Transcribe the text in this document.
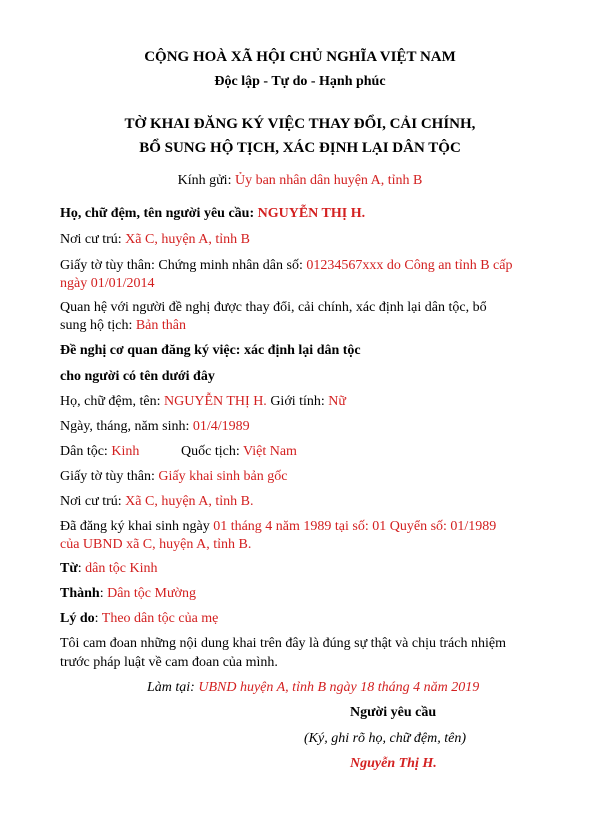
CỘNG HOÀ XÃ HỘI CHỦ NGHĨA VIỆT NAM
Độc lập - Tự do - Hạnh phúc
TỜ KHAI ĐĂNG KÝ VIỆC THAY ĐỔI, CẢI CHÍNH,
BỔ SUNG HỘ TỊCH, XÁC ĐỊNH LẠI DÂN TỘC
Kính gửi: Ủy ban nhân dân huyện A, tỉnh B
Họ, chữ đệm, tên người yêu cầu: NGUYỄN THỊ H.
Nơi cư trú: Xã C, huyện A, tỉnh B
Giấy tờ tùy thân: Chứng minh nhân dân số: 01234567xxx do Công an tỉnh B cấp
ngày 01/01/2014
Quan hệ với người đề nghị được thay đổi, cải chính, xác định lại dân tộc, bổ
sung hộ tịch: Bản thân
Đề nghị cơ quan đăng ký việc: xác định lại dân tộc
cho người có tên dưới đây
Họ, chữ đệm, tên: NGUYỄN THỊ H. Giới tính: Nữ
Ngày, tháng, năm sinh: 01/4/1989
Dân tộc: Kinh	Quốc tịch: Việt Nam
Giấy tờ tùy thân: Giấy khai sinh bản gốc
Nơi cư trú: Xã C, huyện A, tỉnh B.
Đã đăng ký khai sinh ngày 01 tháng 4 năm 1989 tại số: 01 Quyển số: 01/1989
của UBND xã C, huyện A, tỉnh B.
Từ: dân tộc Kinh
Thành: Dân tộc Mường
Lý do: Theo dân tộc của mẹ
Tôi cam đoan những nội dung khai trên đây là đúng sự thật và chịu trách nhiệm
trước pháp luật về cam đoan của mình.
Làm tại: UBND huyện A, tỉnh B ngày 18 tháng 4 năm 2019
Người yêu cầu
(Ký, ghi rõ họ, chữ đệm, tên)
Nguyễn Thị H.
